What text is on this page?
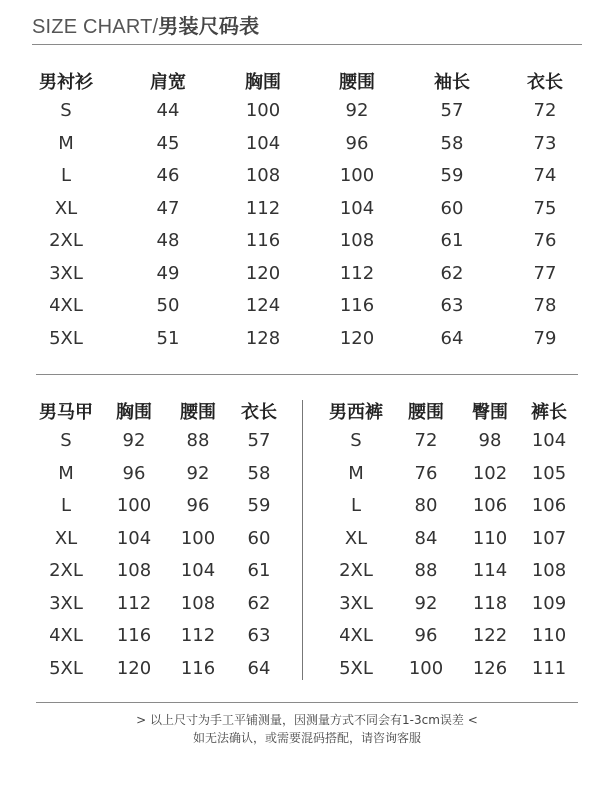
SIZE CHART/男装尺码表
男衬衫	肩宽	胸围	腰围	袖长	衣长
S	44	100	92	57	72
M	45	104	96	58	73
L	46	108	100	59	74
XL	47	112	104	60	75
2XL	48	116	108	61	76
3XL	49	120	112	62	77
4XL	50	124	116	63	78
5XL	51	128	120	64	79
男马甲 胸围 腰围 衣长
S	92 88 57
M	96 92 58
L	100 96 59
XL 104 100 60
2XL 108 104 61
3XL 112 108 62
4XL 116 112 63
5XL 120 116 64
男西裤 腰围 臀围 裤长
S	72 98 104
M	76 102 105
L	80 106 106
XL	84 110 107
2XL 88 114 108
3XL 92 118 109
4XL 96 122 110
5XL 100 126 111
> 以上尺寸为手工平铺测量，因测量方式不同会有1-3cm误差 <
如无法确认，或需要混码搭配，请咨询客服
